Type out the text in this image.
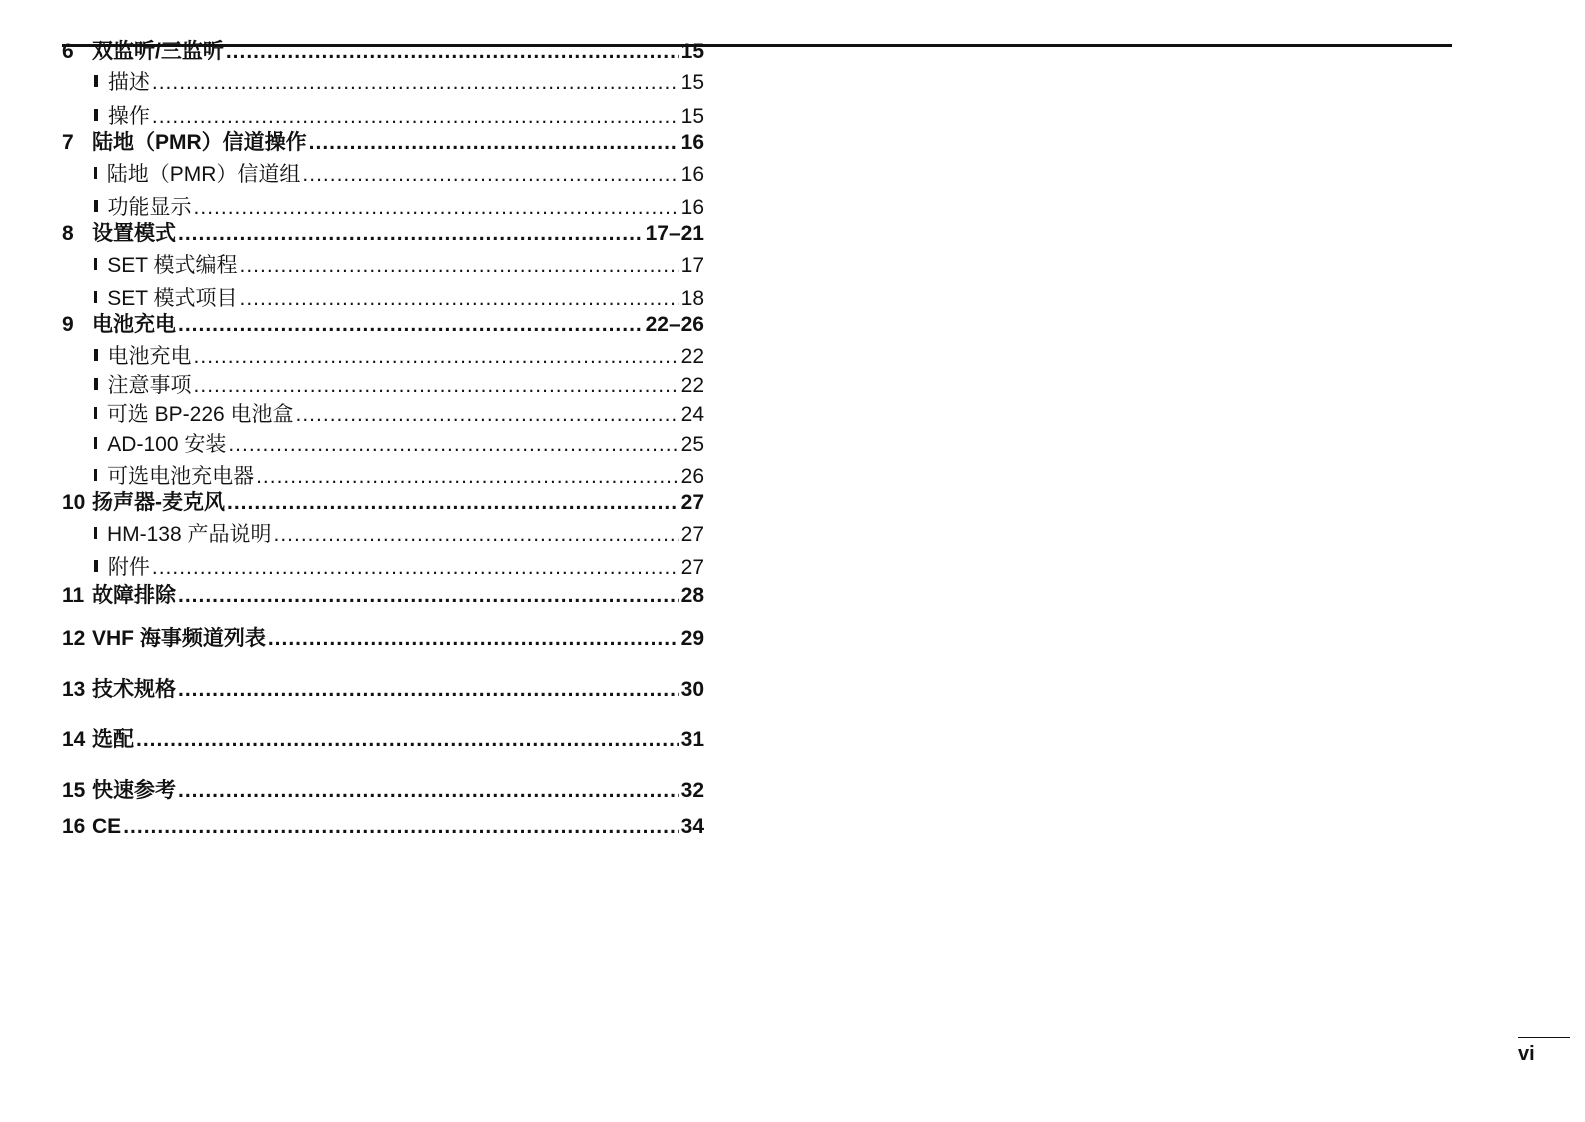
6 双监听/三监听 .....	15
描述 .....	15
操作 .....	15
7 陆地（PMR）信道操作 .....	16
陆地（PMR）信道组 .....	16
功能显示 .....	16
8 设置模式 .....	17–21
SET 模式编程 .....	17
SET 模式项目 .....	18
9 电池充电 .....	22–26
电池充电 .....	22
注意事项 .....	22
可选 BP-226 电池盒 .....	24
AD-100 安装 .....	25
可选电池充电器 .....	26
10 扬声器-麦克风 .....	27
HM-138 产品说明 .....	27
附件 .....	27
11 故障排除 .....	28
12 VHF 海事频道列表 .....	29
13 技术规格 .....	30
14 选配 .....	31
15 快速参考 .....	32
16 CE .....	34
vi
